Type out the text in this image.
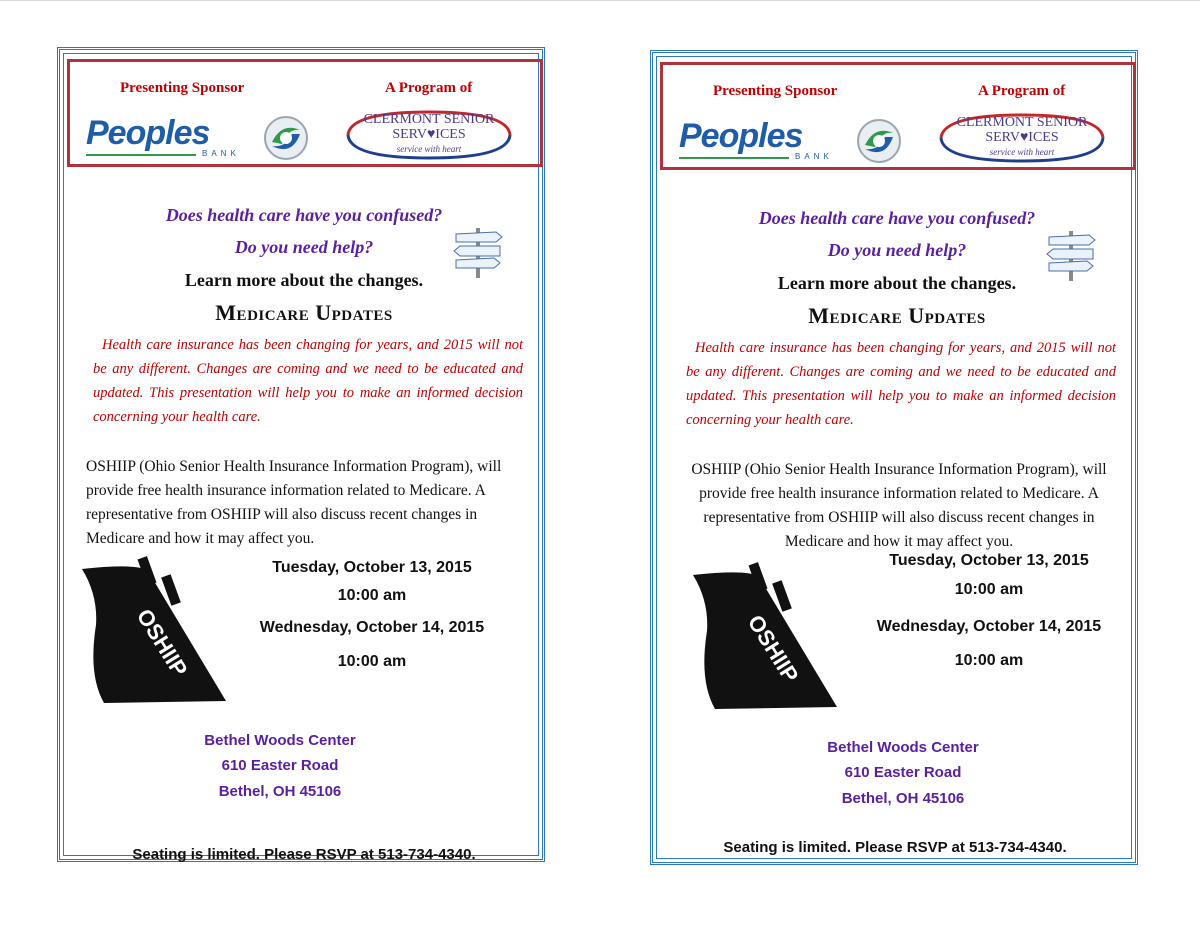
Presenting Sponsor	A Program of
Peoples
BANK
CLERMONT SENIOR
SERV♥ICES
service with heart
Does health care have you confused?
Do you need help?
Learn more about the changes.
Medicare Updates
Health care insurance has been changing for years, and 2015 will not be any different. Changes are coming and we need to be educated and updated. This presentation will help you to make an informed decision concerning your health care.
OSHIIP (Ohio Senior Health Insurance Information Program), will provide free health insurance information related to Medicare. A representative from OSHIIP will also discuss recent changes in Medicare and how it may affect you.
OSHIIP
Tuesday, October 13, 2015
10:00 am
Wednesday, October 14, 2015
10:00 am
Bethel Woods Center
610 Easter Road
Bethel, OH 45106
Seating is limited. Please RSVP at 513-734-4340.
Presenting Sponsor	A Program of
Peoples
BANK
CLERMONT SENIOR
SERV♥ICES
service with heart
Does health care have you confused?
Do you need help?
Learn more about the changes.
Medicare Updates
Health care insurance has been changing for years, and 2015 will not be any different. Changes are coming and we need to be educated and updated. This presentation will help you to make an informed decision concerning your health care.
OSHIIP (Ohio Senior Health Insurance Information Program), will provide free health insurance information related to Medicare. A representative from OSHIIP will also discuss recent changes in Medicare and how it may affect you.
OSHIIP
Tuesday, October 13, 2015
10:00 am
Wednesday, October 14, 2015
10:00 am
Bethel Woods Center
610 Easter Road
Bethel, OH 45106
Seating is limited. Please RSVP at 513-734-4340.
